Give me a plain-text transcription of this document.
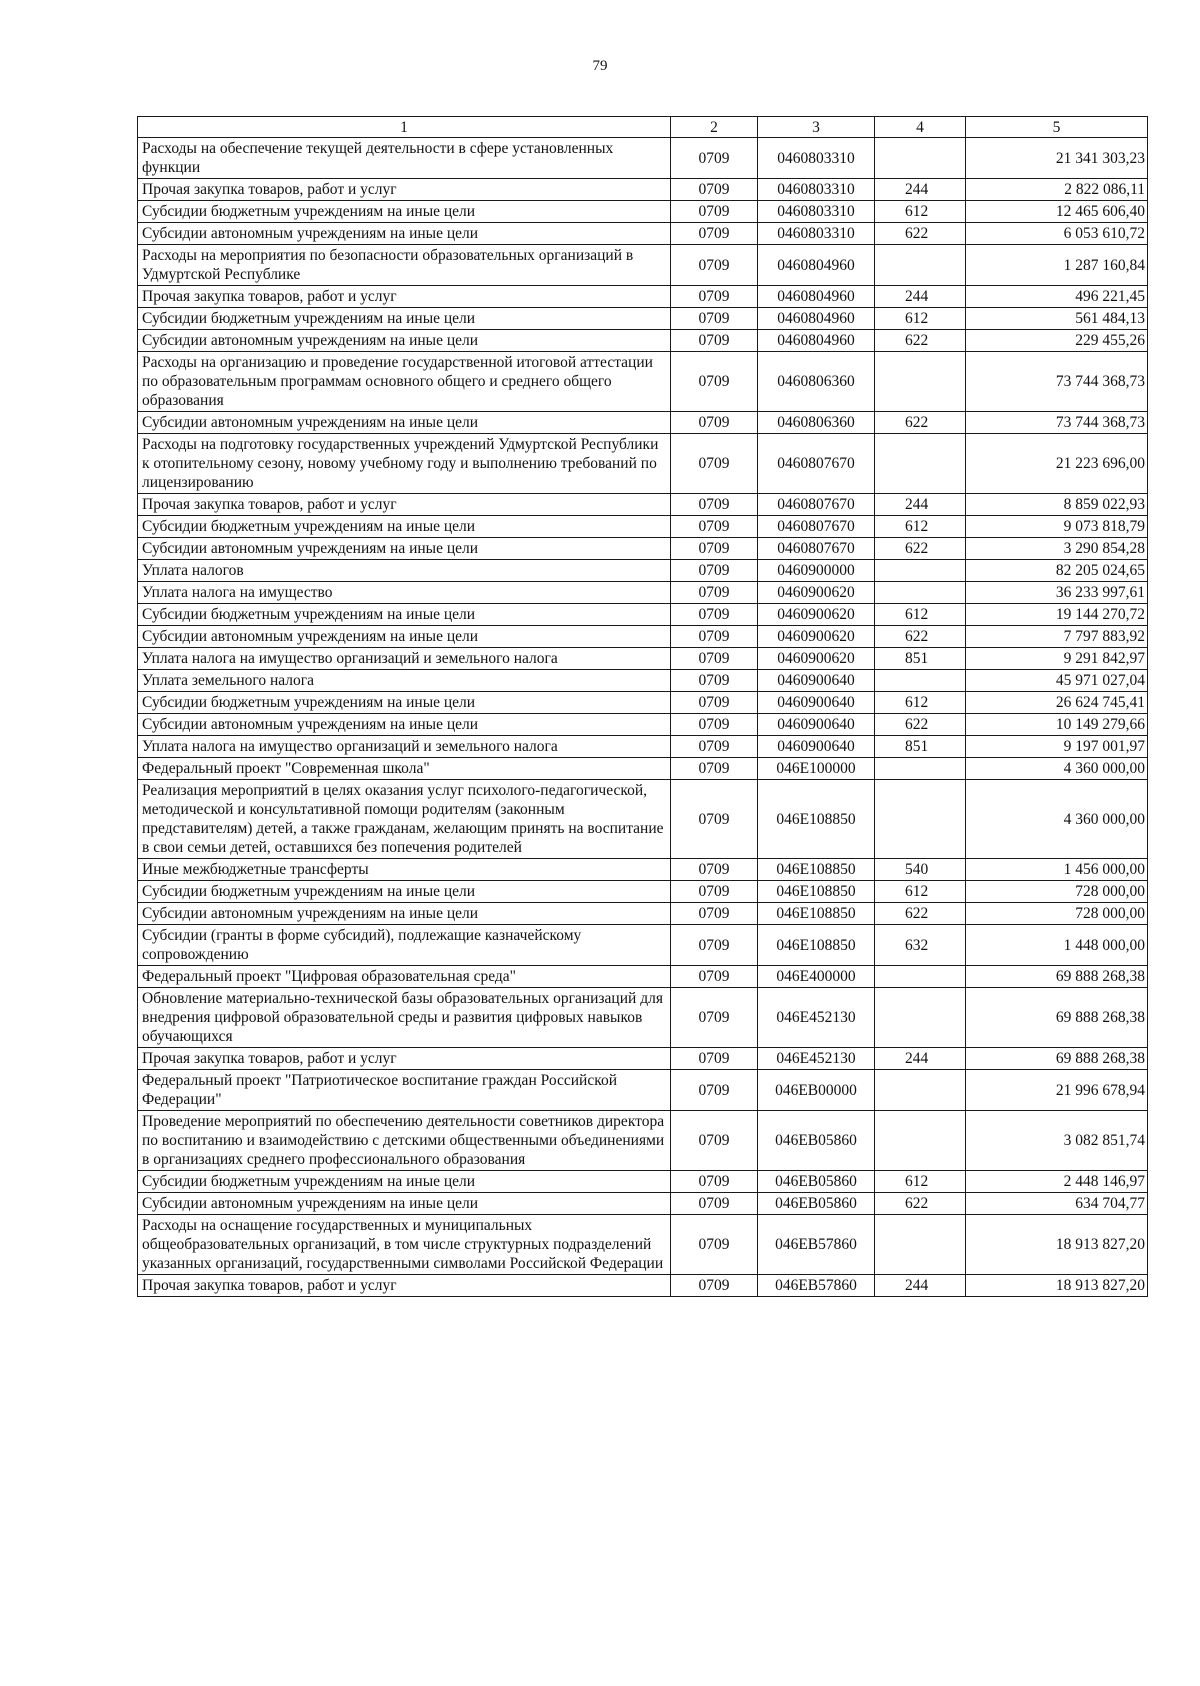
79
1	2	3	4	5
Расходы на обеспечение текущей деятельности в сфере установленных функции	0709	0460803310		21 341 303,23
Прочая закупка товаров, работ и услуг	0709	0460803310	244	2 822 086,11
Субсидии бюджетным учреждениям на иные цели	0709	0460803310	612	12 465 606,40
Субсидии автономным учреждениям на иные цели	0709	0460803310	622	6 053 610,72
Расходы на мероприятия по безопасности образовательных организаций в Удмуртской Республике	0709	0460804960		1 287 160,84
Прочая закупка товаров, работ и услуг	0709	0460804960	244	496 221,45
Субсидии бюджетным учреждениям на иные цели	0709	0460804960	612	561 484,13
Субсидии автономным учреждениям на иные цели	0709	0460804960	622	229 455,26
Расходы на организацию и проведение государственной итоговой аттестации по образовательным программам основного общего и среднего общего образования	0709	0460806360		73 744 368,73
Субсидии автономным учреждениям на иные цели	0709	0460806360	622	73 744 368,73
Расходы на подготовку государственных учреждений Удмуртской Республики к отопительному сезону, новому учебному году и выполнению требований по лицензированию	0709	0460807670		21 223 696,00
Прочая закупка товаров, работ и услуг	0709	0460807670	244	8 859 022,93
Субсидии бюджетным учреждениям на иные цели	0709	0460807670	612	9 073 818,79
Субсидии автономным учреждениям на иные цели	0709	0460807670	622	3 290 854,28
Уплата налогов	0709	0460900000		82 205 024,65
Уплата налога на имущество	0709	0460900620		36 233 997,61
Субсидии бюджетным учреждениям на иные цели	0709	0460900620	612	19 144 270,72
Субсидии автономным учреждениям на иные цели	0709	0460900620	622	7 797 883,92
Уплата налога на имущество организаций и земельного налога	0709	0460900620	851	9 291 842,97
Уплата земельного налога	0709	0460900640		45 971 027,04
Субсидии бюджетным учреждениям на иные цели	0709	0460900640	612	26 624 745,41
Субсидии автономным учреждениям на иные цели	0709	0460900640	622	10 149 279,66
Уплата налога на имущество организаций и земельного налога	0709	0460900640	851	9 197 001,97
Федеральный проект "Современная школа"	0709	046E100000		4 360 000,00
Реализация мероприятий в целях оказания услуг психолого-педагогической, методической и консультативной помощи родителям (законным представителям) детей, а также гражданам, желающим принять на воспитание в свои семьи детей, оставшихся без попечения родителей	0709	046E108850		4 360 000,00
Иные межбюджетные трансферты	0709	046E108850	540	1 456 000,00
Субсидии бюджетным учреждениям на иные цели	0709	046E108850	612	728 000,00
Субсидии автономным учреждениям на иные цели	0709	046E108850	622	728 000,00
Субсидии (гранты в форме субсидий), подлежащие казначейскому сопровождению	0709	046E108850	632	1 448 000,00
Федеральный проект "Цифровая образовательная среда"	0709	046E400000		69 888 268,38
Обновление материально-технической базы образовательных организаций для внедрения цифровой образовательной среды и развития цифровых навыков обучающихся	0709	046E452130		69 888 268,38
Прочая закупка товаров, работ и услуг	0709	046E452130	244	69 888 268,38
Федеральный проект "Патриотическое воспитание граждан Российской Федерации"	0709	046EB00000		21 996 678,94
Проведение мероприятий по обеспечению деятельности советников директора по воспитанию и взаимодействию с детскими общественными объединениями в организациях среднего профессионального образования	0709	046EB05860		3 082 851,74
Субсидии бюджетным учреждениям на иные цели	0709	046EB05860	612	2 448 146,97
Субсидии автономным учреждениям на иные цели	0709	046EB05860	622	634 704,77
Расходы на оснащение государственных и муниципальных общеобразовательных организаций, в том числе структурных подразделений указанных организаций, государственными символами Российской Федерации	0709	046EB57860		18 913 827,20
Прочая закупка товаров, работ и услуг	0709	046EB57860	244	18 913 827,20
